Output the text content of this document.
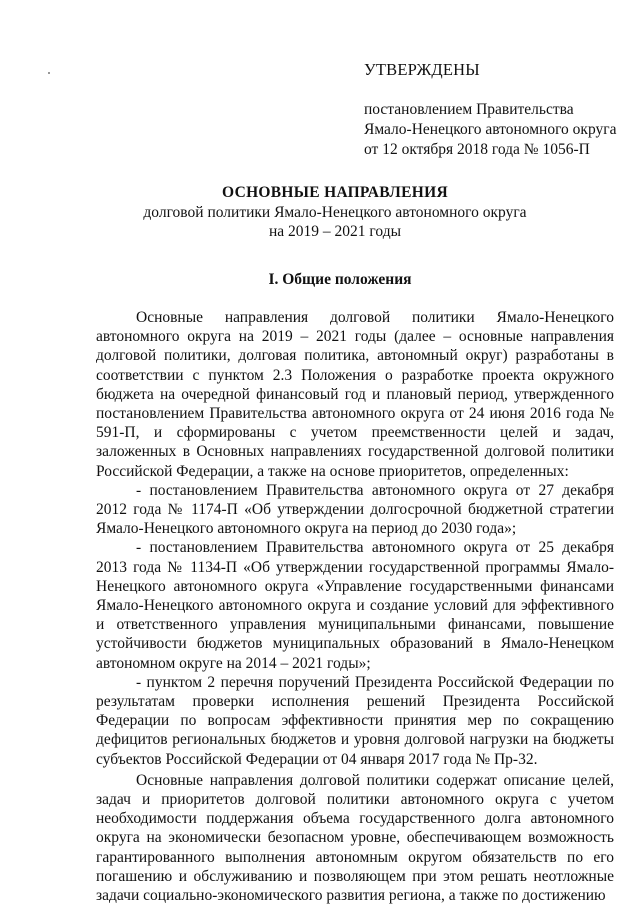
УТВЕРЖДЕНЫ
постановлением Правительства
Ямало-Ненецкого автономного округа
от 12 октября 2018 года № 1056-П
ОСНОВНЫЕ НАПРАВЛЕНИЯ
долговой политики Ямало-Ненецкого автономного округа
на 2019 – 2021 годы
I. Общие положения

Основные направления долговой политики Ямало-Ненецкого автономного округа на 2019 – 2021 годы (далее – основные направления долговой политики, долговая политика, автономный округ) разработаны в соответствии с пунктом 2.3 Положения о разработке проекта окружного бюджета на очередной финансовый год и плановый период, утвержденного постановлением Правительства автономного округа от 24 июня 2016 года № 591-П, и сформированы с учетом преемственности целей и задач, заложенных в Основных направлениях государственной долговой политики Российской Федерации, а также на основе приоритетов, определенных:

- постановлением Правительства автономного округа от 27 декабря 2012 года № 1174-П «Об утверждении долгосрочной бюджетной стратегии Ямало-Ненецкого автономного округа на период до 2030 года»;

- постановлением Правительства автономного округа от 25 декабря 2013 года № 1134-П «Об утверждении государственной программы Ямало-Ненецкого автономного округа «Управление государственными финансами Ямало-Ненецкого автономного округа и создание условий для эффективного и ответственного управления муниципальными финансами, повышение устойчивости бюджетов муниципальных образований в Ямало-Ненецком автономном округе на 2014 – 2021 годы»;

- пунктом 2 перечня поручений Президента Российской Федерации по результатам проверки исполнения решений Президента Российской Федерации по вопросам эффективности принятия мер по сокращению дефицитов региональных бюджетов и уровня долговой нагрузки на бюджеты субъектов Российской Федерации от 04 января 2017 года № Пр-32.

Основные направления долговой политики содержат описание целей, задач и приоритетов долговой политики автономного округа с учетом необходимости поддержания объема государственного долга автономного округа на экономически безопасном уровне, обеспечивающем возможность гарантированного выполнения автономным округом обязательств по его погашению и обслуживанию и позволяющем при этом решать неотложные задачи социально-экономического развития региона, а также по достижению
